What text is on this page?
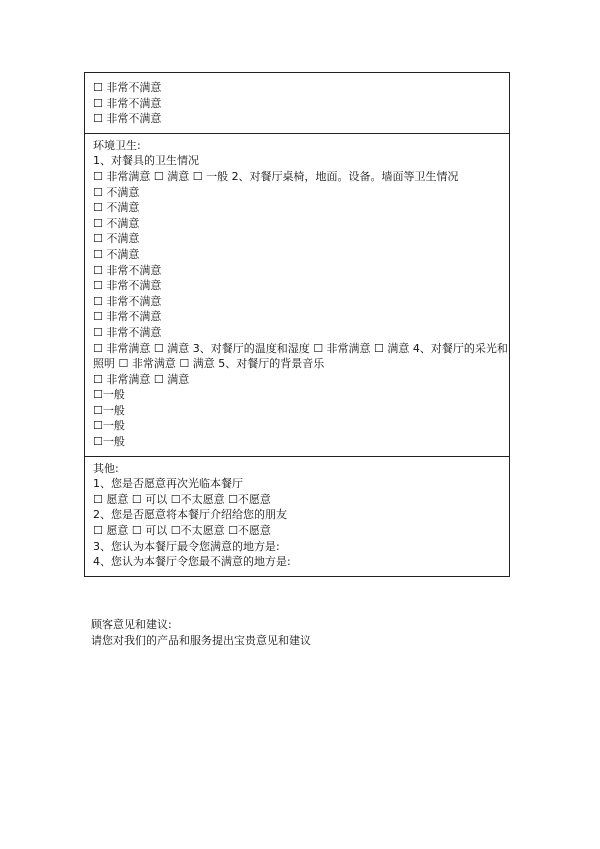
☐ 非常不满意
☐ 非常不满意
☐ 非常不满意
环境卫生:
1、对餐具的卫生情况
☐ 非常满意 ☐ 满意 ☐ 一般 2、对餐厅桌椅，地面。设备。墙面等卫生情况
☐ 不满意
☐ 不满意
☐ 不满意
☐ 不满意
☐ 不满意
☐ 非常不满意
☐ 非常不满意
☐ 非常不满意
☐ 非常不满意
☐ 非常不满意
☐ 非常满意 ☐ 满意 3、对餐厅的温度和湿度 ☐ 非常满意 ☐ 满意 4、对餐厅的采光和照明 ☐ 非常满意 ☐ 满意 5、对餐厅的背景音乐
☐ 非常满意 ☐ 满意
☐一般
☐一般
☐一般
☐一般
其他:
1、您是否愿意再次光临本餐厅
☐ 愿意 ☐ 可以 ☐不太愿意 ☐不愿意
2、您是否愿意将本餐厅介绍给您的朋友
☐ 愿意 ☐ 可以 ☐不太愿意 ☐不愿意
3、您认为本餐厅最令您满意的地方是:
4、您认为本餐厅令您最不满意的地方是:
顾客意见和建议:
请您对我们的产品和服务提出宝贵意见和建议
